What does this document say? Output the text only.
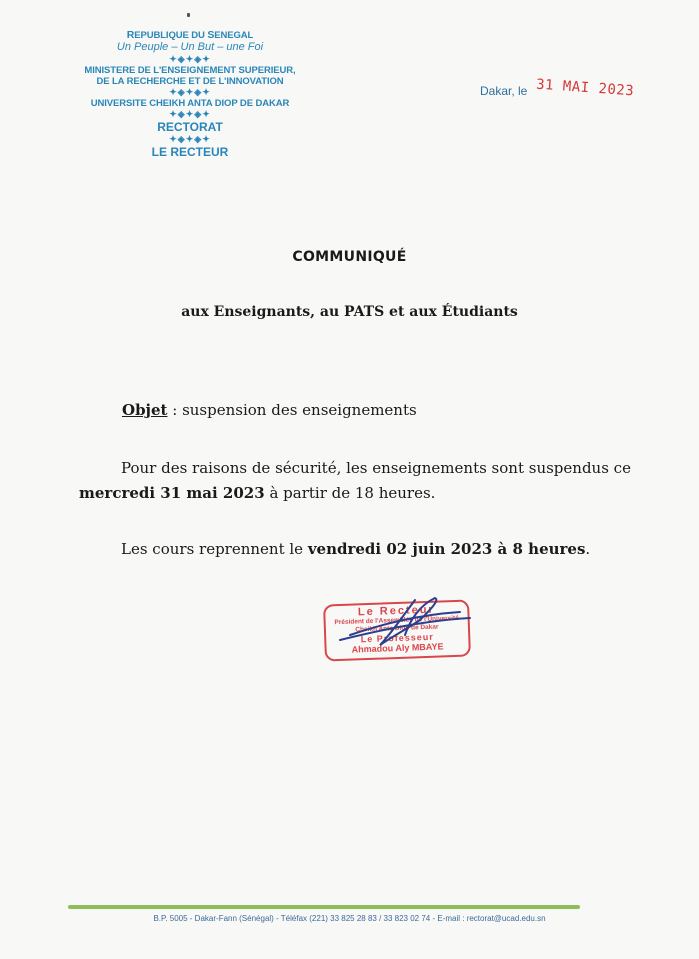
REPUBLIQUE DU SENEGAL
Un Peuple – Un But – une Foi
✦◈✦◈✦
MINISTERE DE L'ENSEIGNEMENT SUPERIEUR,
DE LA RECHERCHE ET DE L'INNOVATION
✦◈✦◈✦
UNIVERSITE CHEIKH ANTA DIOP DE DAKAR
✦◈✦◈✦
RECTORAT
✦◈✦◈✦
LE RECTEUR
Dakar, le 31 MAI 2023
COMMUNIQUÉ
aux Enseignants, au PATS et aux Étudiants
Objet : suspension des enseignements
Pour des raisons de sécurité, les enseignements sont suspendus ce mercredi 31 mai 2023 à partir de 18 heures.
Les cours reprennent le vendredi 02 juin 2023 à 8 heures.
Le Recteur
Président de l'Assemblée de l'Université
Cheikh Anta Diop de Dakar
Le Professeur
Ahmadou Aly MBAYE
B.P. 5005 - Dakar-Fann (Sénégal) - Téléfax (221) 33 825 28 83 / 33 823 02 74 - E-mail : rectorat@ucad.edu.sn
